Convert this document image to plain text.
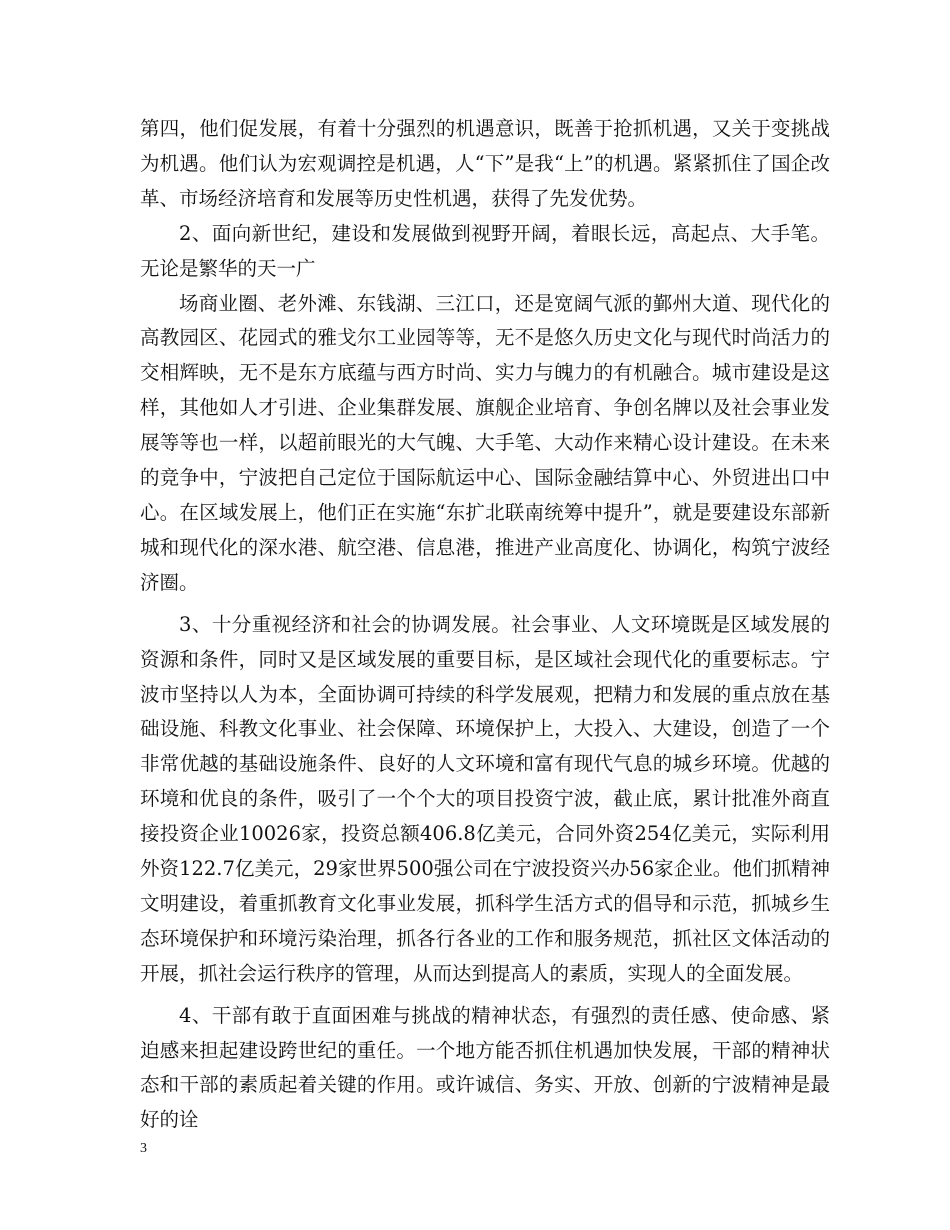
第四，他们促发展，有着十分强烈的机遇意识，既善于抢抓机遇，又关于变挑战为机遇。他们认为宏观调控是机遇，人“下”是我“上”的机遇。紧紧抓住了国企改革、市场经济培育和发展等历史性机遇，获得了先发优势。

2、面向新世纪，建设和发展做到视野开阔，着眼长远，高起点、大手笔。无论是繁华的天一广

场商业圈、老外滩、东钱湖、三江口，还是宽阔气派的鄞州大道、现代化的高教园区、花园式的雅戈尔工业园等等，无不是悠久历史文化与现代时尚活力的交相辉映，无不是东方底蕴与西方时尚、实力与魄力的有机融合。城市建设是这样，其他如人才引进、企业集群发展、旗舰企业培育、争创名牌以及社会事业发展等等也一样，以超前眼光的大气魄、大手笔、大动作来精心设计建设。在未来的竞争中，宁波把自己定位于国际航运中心、国际金融结算中心、外贸进出口中心。在区域发展上，他们正在实施“东扩北联南统筹中提升”，就是要建设东部新城和现代化的深水港、航空港、信息港，推进产业高度化、协调化，构筑宁波经济圈。

3、十分重视经济和社会的协调发展。社会事业、人文环境既是区域发展的资源和条件，同时又是区域发展的重要目标，是区域社会现代化的重要标志。宁波市坚持以人为本，全面协调可持续的科学发展观，把精力和发展的重点放在基础设施、科教文化事业、社会保障、环境保护上，大投入、大建设，创造了一个非常优越的基础设施条件、良好的人文环境和富有现代气息的城乡环境。优越的环境和优良的条件，吸引了一个个大的项目投资宁波，截止底，累计批准外商直接投资企业10026家，投资总额406.8亿美元，合同外资254亿美元，实际利用外资122.7亿美元，29家世界500强公司在宁波投资兴办56家企业。他们抓精神文明建设，着重抓教育文化事业发展，抓科学生活方式的倡导和示范，抓城乡生态环境保护和环境污染治理，抓各行各业的工作和服务规范，抓社区文体活动的开展，抓社会运行秩序的管理，从而达到提高人的素质，实现人的全面发展。

4、干部有敢于直面困难与挑战的精神状态，有强烈的责任感、使命感、紧迫感来担起建设跨世纪的重任。一个地方能否抓住机遇加快发展，干部的精神状态和干部的素质起着关键的作用。或许诚信、务实、开放、创新的宁波精神是最好的诠

3
